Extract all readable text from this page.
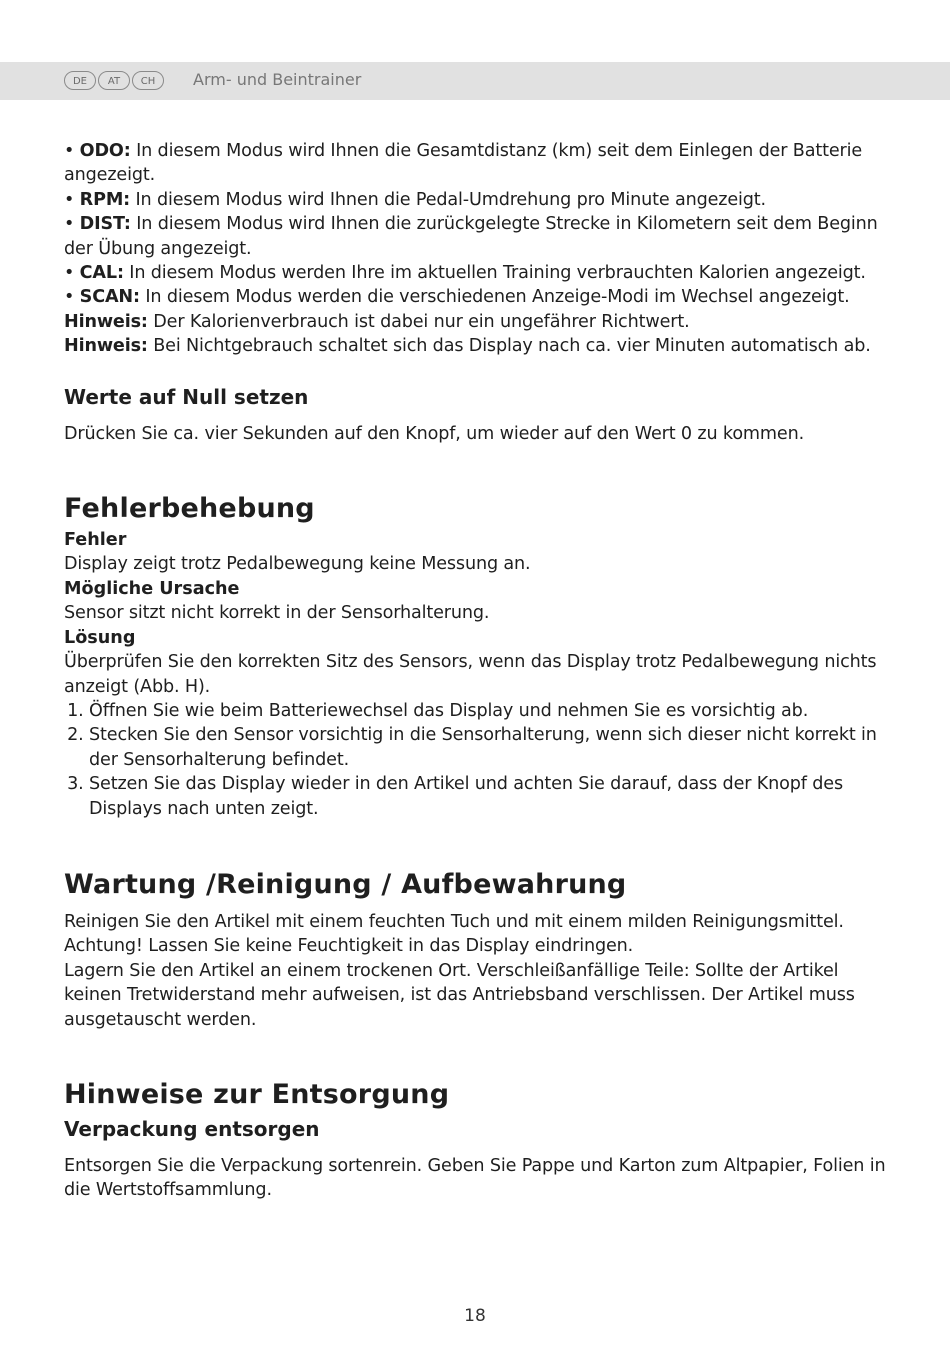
DE	AT	CH	Arm- und Beintrainer

• ODO: In diesem Modus wird Ihnen die Gesamtdistanz (km) seit dem Einlegen der Batterie angezeigt.

• RPM: In diesem Modus wird Ihnen die Pedal-Umdrehung pro Minute angezeigt.

• DIST: In diesem Modus wird Ihnen die zurückgelegte Strecke in Kilometern seit dem Beginn der Übung angezeigt.

• CAL: In diesem Modus werden Ihre im aktuellen Training verbrauchten Kalorien angezeigt.

• SCAN: In diesem Modus werden die verschiedenen Anzeige-Modi im Wechsel angezeigt.

Hinweis: Der Kalorienverbrauch ist dabei nur ein ungefährer Richtwert.

Hinweis: Bei Nichtgebrauch schaltet sich das Display nach ca. vier Minuten automatisch ab.

Werte auf Null setzen

Drücken Sie ca. vier Sekunden auf den Knopf, um wieder auf den Wert 0 zu kommen.

Fehlerbehebung
Fehler

Display zeigt trotz Pedalbewegung keine Messung an.

Mögliche Ursache

Sensor sitzt nicht korrekt in der Sensorhalterung.

Lösung

Überprüfen Sie den korrekten Sitz des Sensors, wenn das Display trotz Pedalbewegung nichts anzeigt (Abb. H).

1. Öffnen Sie wie beim Batteriewechsel das Display und nehmen Sie es vorsichtig ab.
2. Stecken Sie den Sensor vorsichtig in die Sensorhalterung, wenn sich dieser nicht korrekt in der Sensorhalterung befindet.
3. Setzen Sie das Display wieder in den Artikel und achten Sie darauf, dass der Knopf des Displays nach unten zeigt.
Wartung /Reinigung / Aufbewahrung

Reinigen Sie den Artikel mit einem feuchten Tuch und mit einem milden Reinigungsmittel.

Achtung! Lassen Sie keine Feuchtigkeit in das Display eindringen.

Lagern Sie den Artikel an einem trockenen Ort. Verschleißanfällige Teile: Sollte der Artikel keinen Tretwiderstand mehr aufweisen, ist das Antriebsband verschlissen. Der Artikel muss ausgetauscht werden.

Hinweise zur Entsorgung
Verpackung entsorgen

Entsorgen Sie die Verpackung sortenrein. Geben Sie Pappe und Karton zum Altpapier, Folien in die Wertstoffsammlung.

18
